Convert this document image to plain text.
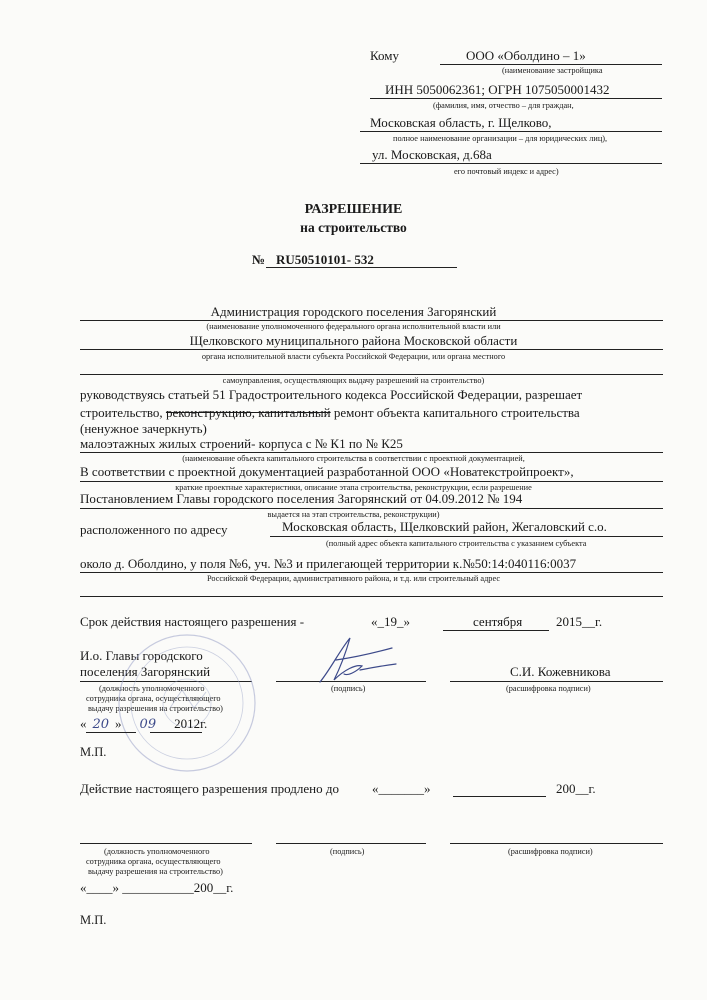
Кому	ООО «Оболдино – 1»
(наименование застройщика
ИНН 5050062361; ОГРН 1075050001432
(фамилия, имя, отчество – для граждан,
Московская область, г. Щелково,
полное наименование организации – для юридических лиц),
ул. Московская, д.68а
его почтовый индекс и адрес)
РАЗРЕШЕНИЕ
на строительство
№ RU50510101- 532
Администрация городского поселения Загорянский
(наименование уполномоченного федерального органа исполнительной власти или
Щелковского муниципального района Московской области
органа исполнительной власти субъекта Российской Федерации, или органа местного
самоуправления, осуществляющих выдачу разрешений на строительство)
руководствуясь статьей 51 Градостроительного кодекса Российской Федерации, разрешает
строительство, реконструкцию, капитальный ремонт объекта капитального строительства
(ненужное зачеркнуть)
малоэтажных жилых строений- корпуса с № К1 по № К25
(наименование объекта капитального строительства в соответствии с проектной документацией,
В соответствии с проектной документацией разработанной ООО «Новатекстройпроект»,
краткие проектные характеристики, описание этапа строительства, реконструкции, если разрешение
Постановлением Главы городского поселения Загорянский от 04.09.2012 № 194
выдается на этап строительства, реконструкции)
расположенного по адресу	Московская область, Щелковский район, Жегаловский с.о.
(полный адрес объекта капитального строительства с указанием субъекта
около д. Оболдино, у поля №6, уч. №3 и прилегающей территории к.№50:14:040116:0037
Российской Федерации, административного района, и т.д. или строительный адрес
Срок действия настоящего разрешения -	«_19_»	сентября	2015__г.
И.о. Главы городского
поселения Загорянский	С.И. Кожевникова
(должность уполномоченного
сотрудника органа, осуществляющего
выдачу разрешения на строительство)
(подпись)	(расшифровка подписи)
« 20 » 09 2012г.
М.П.
Действие настоящего разрешения продлено до	«_______»	200__г.
(должность уполномоченного
сотрудника органа, осуществляющего
выдачу разрешения на строительство)
(подпись)	(расшифровка подписи)
«____» ___________200__г.
М.П.
